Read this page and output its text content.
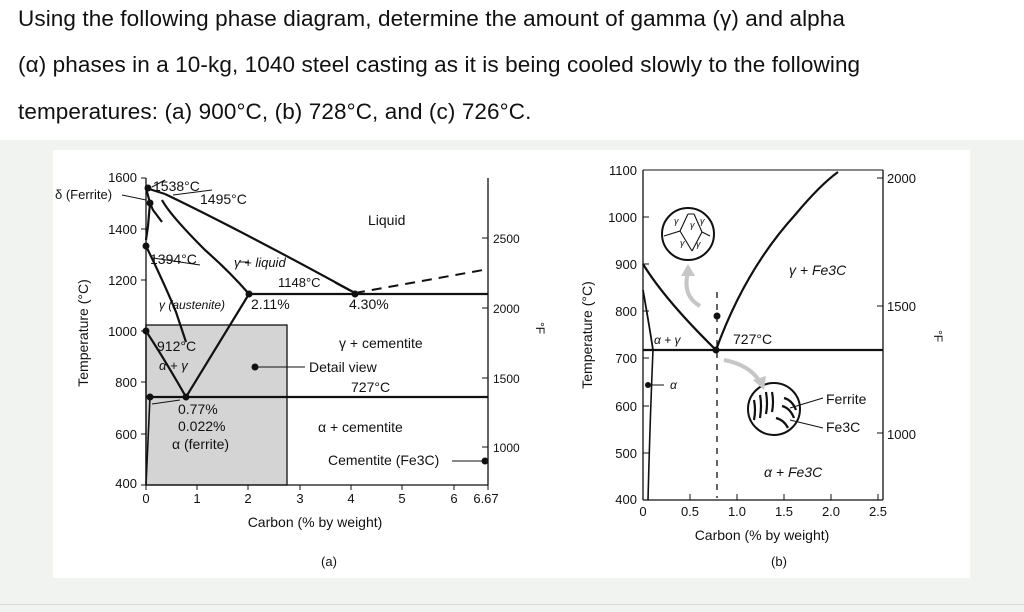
Using the following phase diagram, determine the amount of gamma (γ) and alpha
(α) phases in a 10-kg, 1040 steel casting as it is being cooled slowly to the following
temperatures: (a) 900°C, (b) 728°C, and (c) 726°C.
1600
1400
1200
1000
800
600
400
0	1	2	3	4	5	6 6.67
2500
2000
1500
1000
Temperature (°C)
Carbon (% by weight)
°F
(a)
δ (Ferrite)
1538°C
1495°C
Liquid
1394°C	γ + liquid
1148°C
γ (austenite) 2.11%	4.30%
912°C
α + γ
γ + cementite
Detail view
727°C
0.77%
0.022%
α (ferrite)
α + cementite
Cementite (Fe3C)
γ γ γ
γ γ
1100
1000
900
800
700
600
500
400
0	0.5 1.0 1.5 2.0 2.5
2000
1500
1000
Temperature (°C)
Carbon (% by weight)
°F
(b)
γ + Fe3C
α + γ	727°C
α
Ferrite
Fe3C
α + Fe3C
